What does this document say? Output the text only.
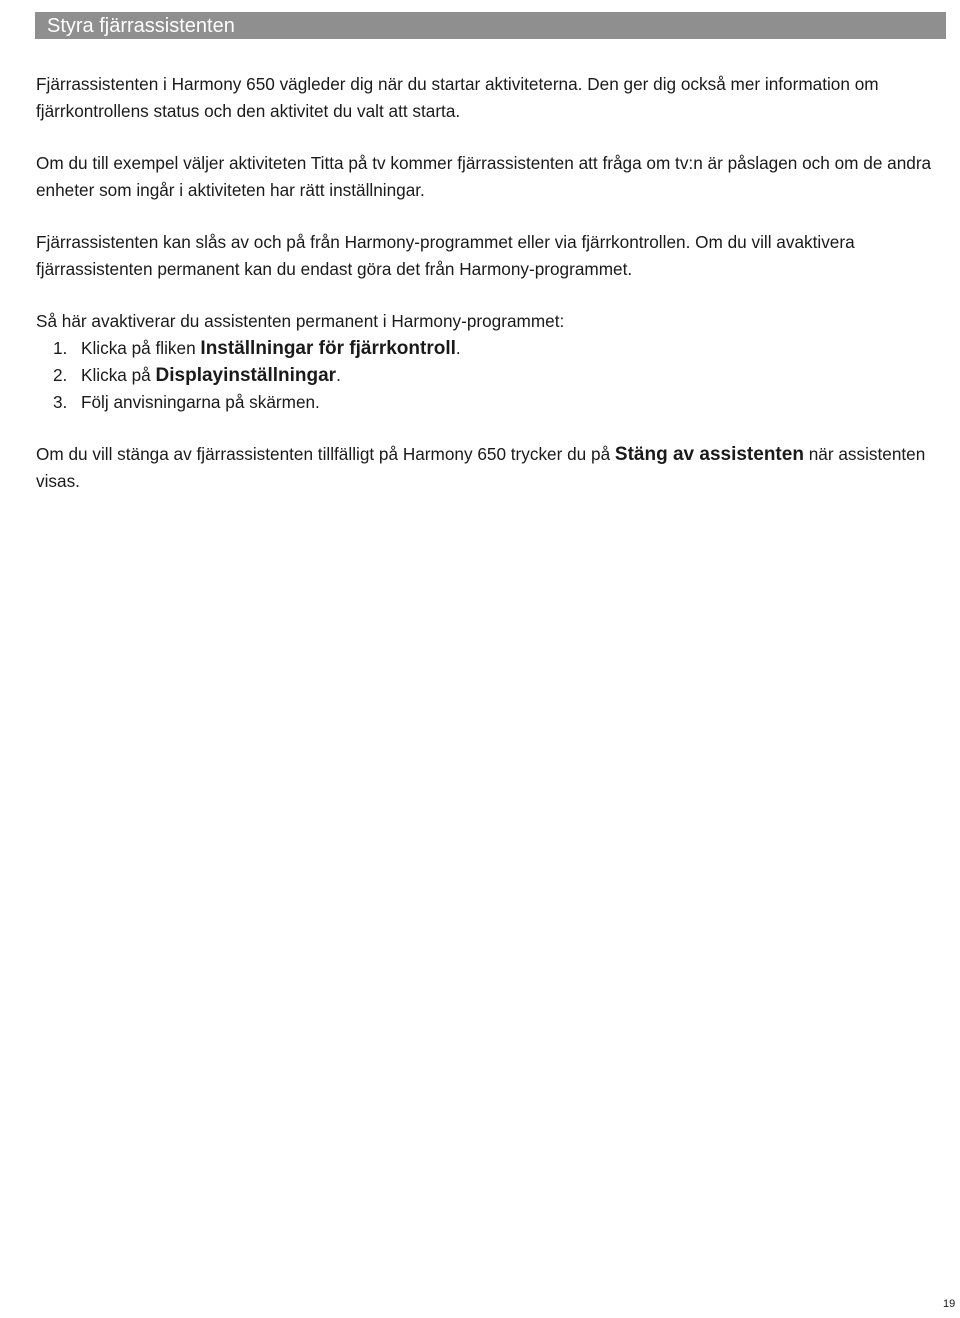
Styra fjärrassistenten

Fjärrassistenten i Harmony 650 vägleder dig när du startar aktiviteterna. Den ger dig också mer information om fjärrkontrollens status och den aktivitet du valt att starta.

Om du till exempel väljer aktiviteten Titta på tv kommer fjärrassistenten att fråga om tv:n är påslagen och om de andra enheter som ingår i aktiviteten har rätt inställningar.

Fjärrassistenten kan slås av och på från Harmony-programmet eller via fjärrkontrollen. Om du vill avaktivera fjärrassistenten permanent kan du endast göra det från Harmony-programmet.

Så här avaktiverar du assistenten permanent i Harmony-programmet:

1. Klicka på fliken Inställningar för fjärrkontroll.
2. Klicka på Displayinställningar.
3. Följ anvisningarna på skärmen.

Om du vill stänga av fjärrassistenten tillfälligt på Harmony 650 trycker du på Stäng av assistenten när assistenten visas.

19
